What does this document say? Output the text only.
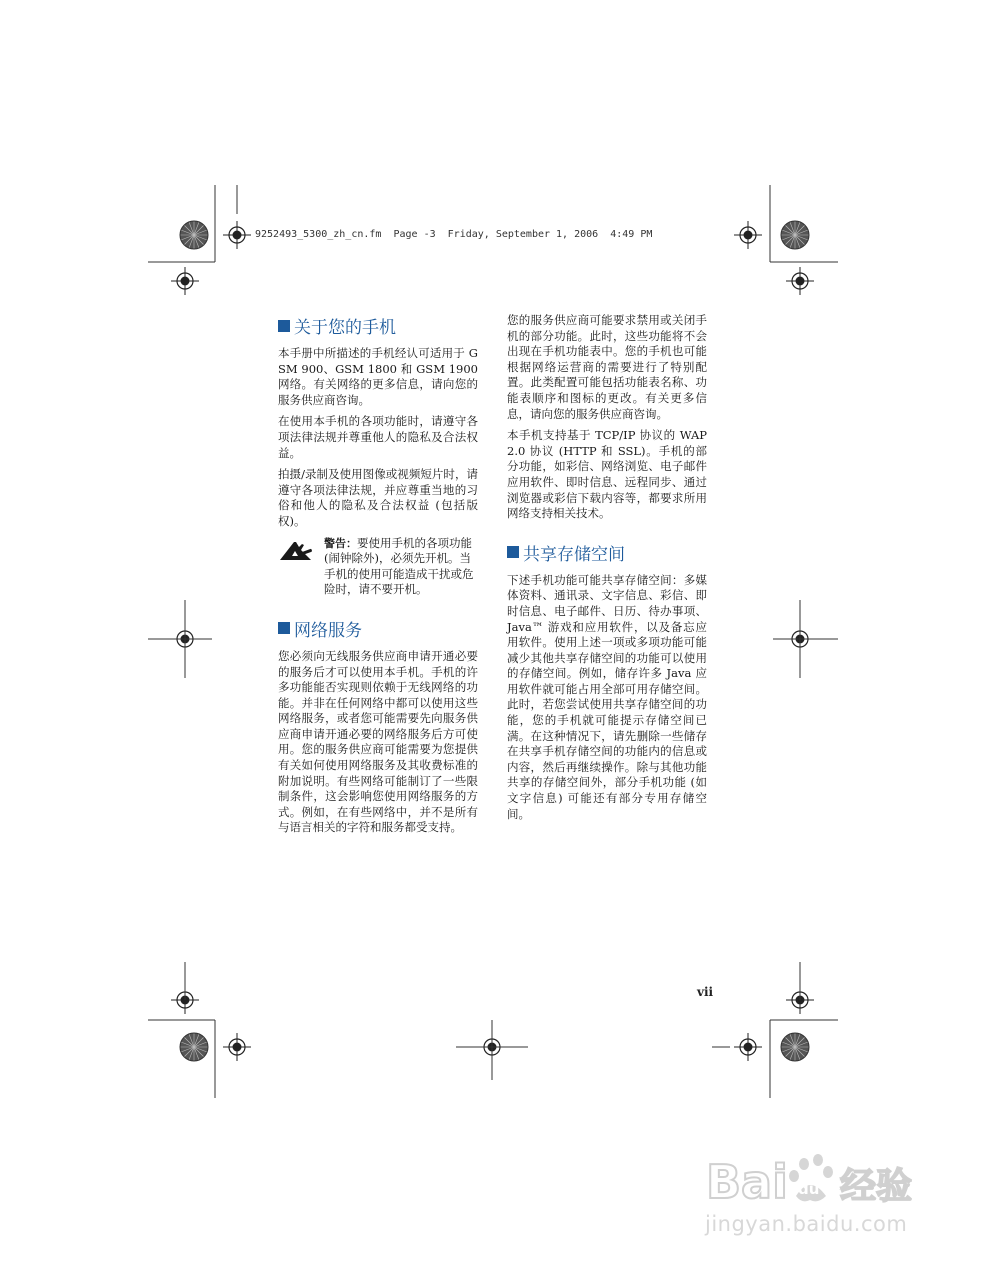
9252493_5300_zh_cn.fm  Page -3  Friday, September 1, 2006  4:49 PM
关于您的手机

本手册中所描述的手机经认可适用于 GSM 900、GSM 1800 和 GSM 1900 网络。有关网络的更多信息，请向您的服务供应商咨询。

在使用本手机的各项功能时，请遵守各项法律法规并尊重他人的隐私及合法权益。

拍摄/录制及使用图像或视频短片时，请遵守各项法律法规，并应尊重当地的习俗和他人的隐私及合法权益 (包括版权)。

警告：要使用手机的各项功能 (闹钟除外)，必须先开机。当手机的使用可能造成干扰或危险时，请不要开机。
网络服务

您必须向无线服务供应商申请开通必要的服务后才可以使用本手机。手机的许多功能能否实现则依赖于无线网络的功能。并非在任何网络中都可以使用这些网络服务，或者您可能需要先向服务供应商申请开通必要的网络服务后方可使用。您的服务供应商可能需要为您提供有关如何使用网络服务及其收费标准的附加说明。有些网络可能制订了一些限制条件，这会影响您使用网络服务的方式。例如，在有些网络中，并不是所有与语言相关的字符和服务都受支持。

您的服务供应商可能要求禁用或关闭手机的部分功能。此时，这些功能将不会出现在手机功能表中。您的手机也可能根据网络运营商的需要进行了特别配置。此类配置可能包括功能表名称、功能表顺序和图标的更改。有关更多信息，请向您的服务供应商咨询。

本手机支持基于 TCP/IP 协议的 WAP 2.0 协议 (HTTP 和 SSL)。手机的部分功能，如彩信、网络浏览、电子邮件应用软件、即时信息、远程同步、通过浏览器或彩信下载内容等，都要求所用网络支持相关技术。

共享存储空间

下述手机功能可能共享存储空间：多媒体资料、通讯录、文字信息、彩信、即时信息、电子邮件、日历、待办事项、Java™ 游戏和应用软件，以及备忘应用软件。使用上述一项或多项功能可能减少其他共享存储空间的功能可以使用的存储空间。例如，储存许多 Java 应用软件就可能占用全部可用存储空间。此时，若您尝试使用共享存储空间的功能，您的手机就可能提示存储空间已满。在这种情况下，请先删除一些储存在共享手机存储空间的功能内的信息或内容，然后再继续操作。除与其他功能共享的存储空间外，部分手机功能 (如文字信息) 可能还有部分专用存储空间。

vii
Bai du 经验
jingyan.baidu.com
